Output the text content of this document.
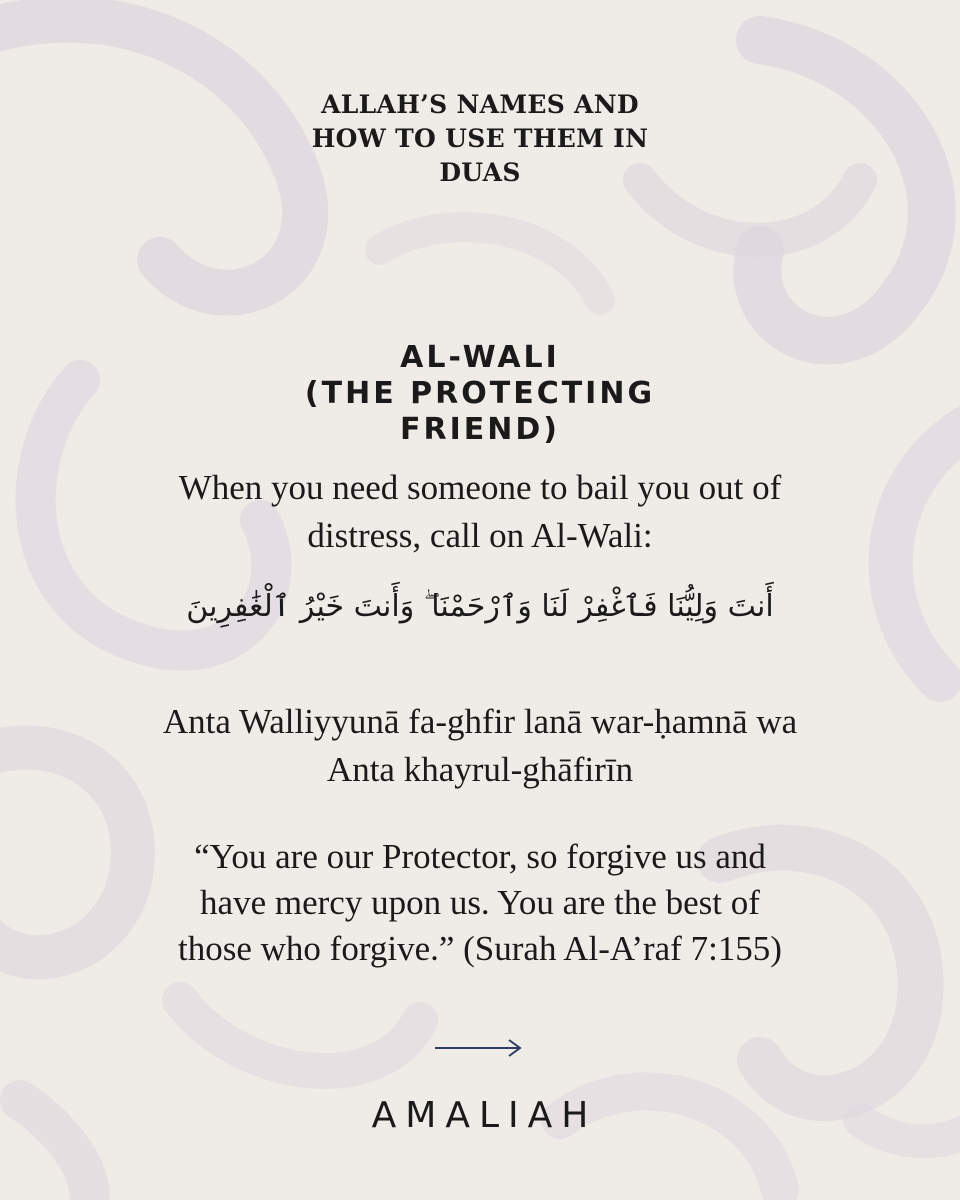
ALLAH’S NAMES AND
HOW TO USE THEM IN
DUAS
AL-WALI
(THE PROTECTING
FRIEND)
When you need someone to bail you out of
distress, call on Al-Wali:
أَنتَ وَلِيُّنَا فَٱغْفِرْ لَنَا وَٱرْحَمْنَا ۖ وَأَنتَ خَيْرُ ٱلْغَٰفِرِينَ
Anta Walliyyunā fa-ghfir lanā war-ḥamnā wa
Anta khayrul-ghāfirīn
“You are our Protector, so forgive us and
have mercy upon us. You are the best of
those who forgive.” (Surah Al-A’raf 7:155)
AMALIAH
